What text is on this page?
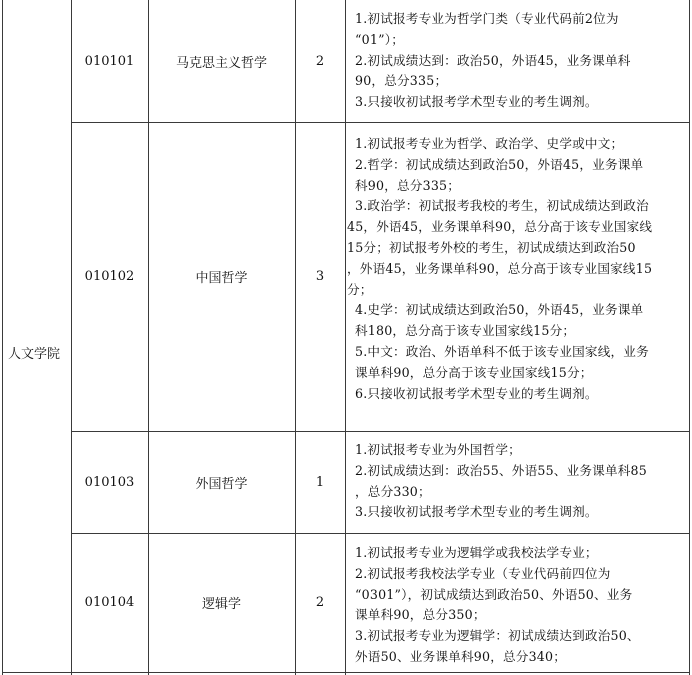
人文学院
010101	马克思主义哲学	2
1.初试报考专业为哲学门类（专业代码前2位为
“01”）；
2.初试成绩达到：政治50，外语45，业务课单科
90，总分335；
3.只接收初试报考学术型专业的考生调剂。
010102	中国哲学	3
1.初试报考专业为哲学、政治学、史学或中文；
2.哲学：初试成绩达到政治50，外语45，业务课单
科90，总分335；
3.政治学：初试报考我校的考生，初试成绩达到政治
45，外语45，业务课单科90，总分高于该专业国家线
15分；初试报考外校的考生，初试成绩达到政治50
，外语45，业务课单科90，总分高于该专业国家线15
分；
4.史学：初试成绩达到政治50，外语45，业务课单
科180，总分高于该专业国家线15分；
5.中文：政治、外语单科不低于该专业国家线，业务
课单科90，总分高于该专业国家线15分；
6.只接收初试报考学术型专业的考生调剂。
010103	外国哲学	1
1.初试报考专业为外国哲学；
2.初试成绩达到：政治55、外语55、业务课单科85
，总分330；
3.只接收初试报考学术型专业的考生调剂。
010104	逻辑学	2
1.初试报考专业为逻辑学或我校法学专业；
2.初试报考我校法学专业（专业代码前四位为
“0301”），初试成绩达到政治50、外语50、业务
课单科90，总分350；
3.初试报考专业为逻辑学：初试成绩达到政治50、
外语50、业务课单科90，总分340；
